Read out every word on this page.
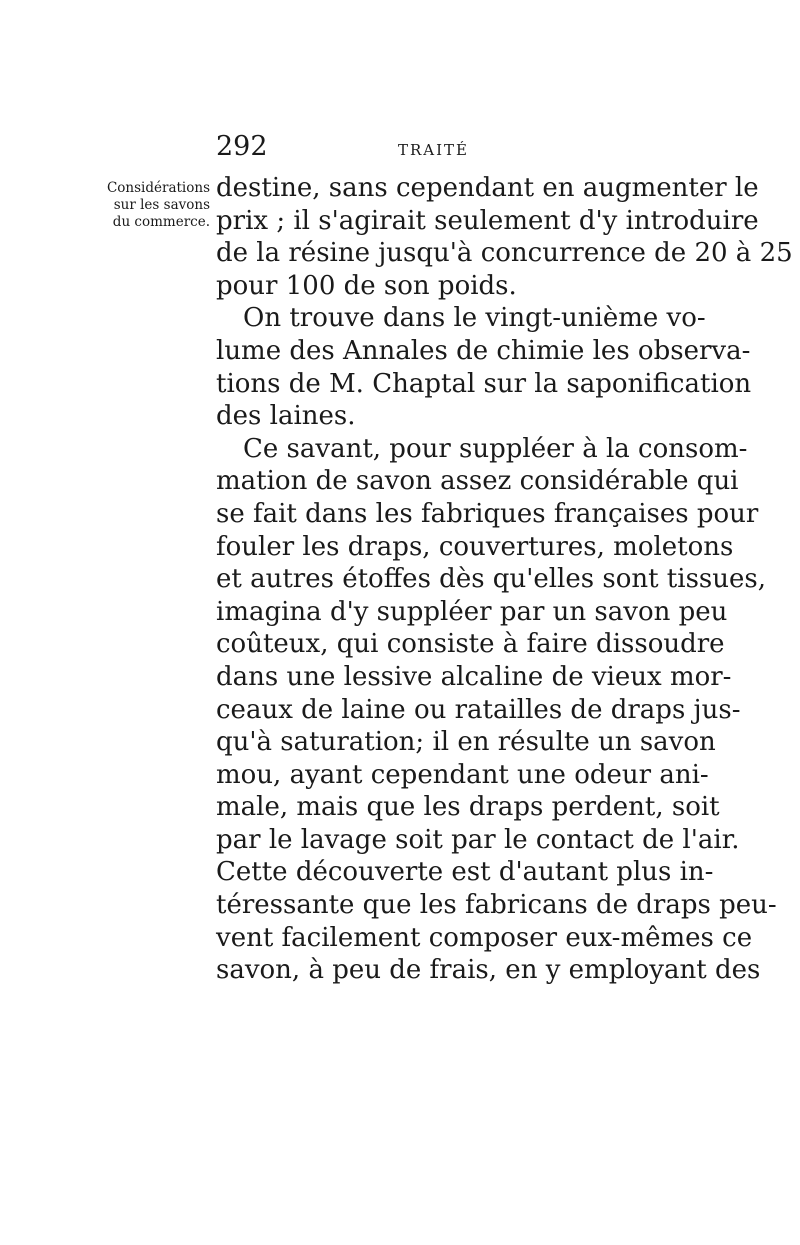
292	TRAITÉ
Considérations
sur les savons
du commerce.
destine, sans cependant en augmenter le
prix ; il s'agirait seulement d'y introduire
de la résine jusqu'à concurrence de 20 à 25
pour 100 de son poids.
On trouve dans le vingt-unième vo-
lume des Annales de chimie les observa-
tions de M. Chaptal sur la saponification
des laines.
Ce savant, pour suppléer à la consom-
mation de savon assez considérable qui
se fait dans les fabriques françaises pour
fouler les draps, couvertures, moletons
et autres étoffes dès qu'elles sont tissues,
imagina d'y suppléer par un savon peu
coûteux, qui consiste à faire dissoudre
dans une lessive alcaline de vieux mor-
ceaux de laine ou ratailles de draps jus-
qu'à saturation; il en résulte un savon
mou, ayant cependant une odeur ani-
male, mais que les draps perdent, soit
par le lavage soit par le contact de l'air.
Cette découverte est d'autant plus in-
téressante que les fabricans de draps peu-
vent facilement composer eux-mêmes ce
savon, à peu de frais, en y employant des
